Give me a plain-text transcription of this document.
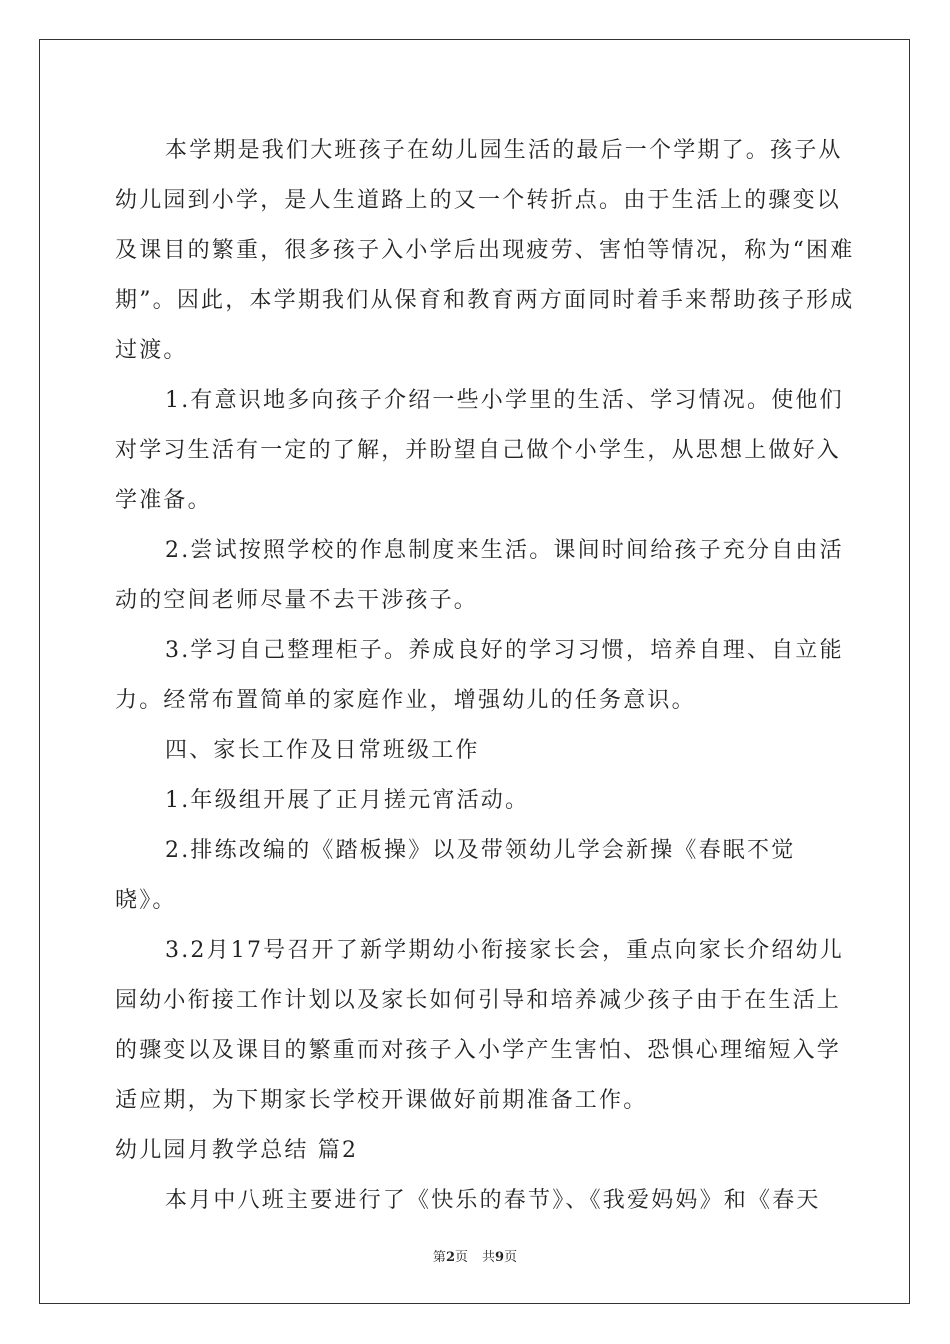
本学期是我们大班孩子在幼儿园生活的最后一个学期了。孩子从幼儿园到小学，是人生道路上的又一个转折点。由于生活上的骤变以及课目的繁重，很多孩子入小学后出现疲劳、害怕等情况，称为“困难期”。因此，本学期我们从保育和教育两方面同时着手来帮助孩子形成过渡。

1.有意识地多向孩子介绍一些小学里的生活、学习情况。使他们对学习生活有一定的了解，并盼望自己做个小学生，从思想上做好入学准备。

2.尝试按照学校的作息制度来生活。课间时间给孩子充分自由活动的空间老师尽量不去干涉孩子。

3.学习自己整理柜子。养成良好的学习习惯，培养自理、自立能力。经常布置简单的家庭作业，增强幼儿的任务意识。

四、家长工作及日常班级工作

1.年级组开展了正月搓元宵活动。

2.排练改编的《踏板操》以及带领幼儿学会新操《春眠不觉晓》。

3.2月17号召开了新学期幼小衔接家长会，重点向家长介绍幼儿园幼小衔接工作计划以及家长如何引导和培养减少孩子由于在生活上的骤变以及课目的繁重而对孩子入小学产生害怕、恐惧心理缩短入学适应期，为下期家长学校开课做好前期准备工作。

幼儿园月教学总结 篇2

本月中八班主要进行了《快乐的春节》、《我爱妈妈》和《春天

第2页 共9页
